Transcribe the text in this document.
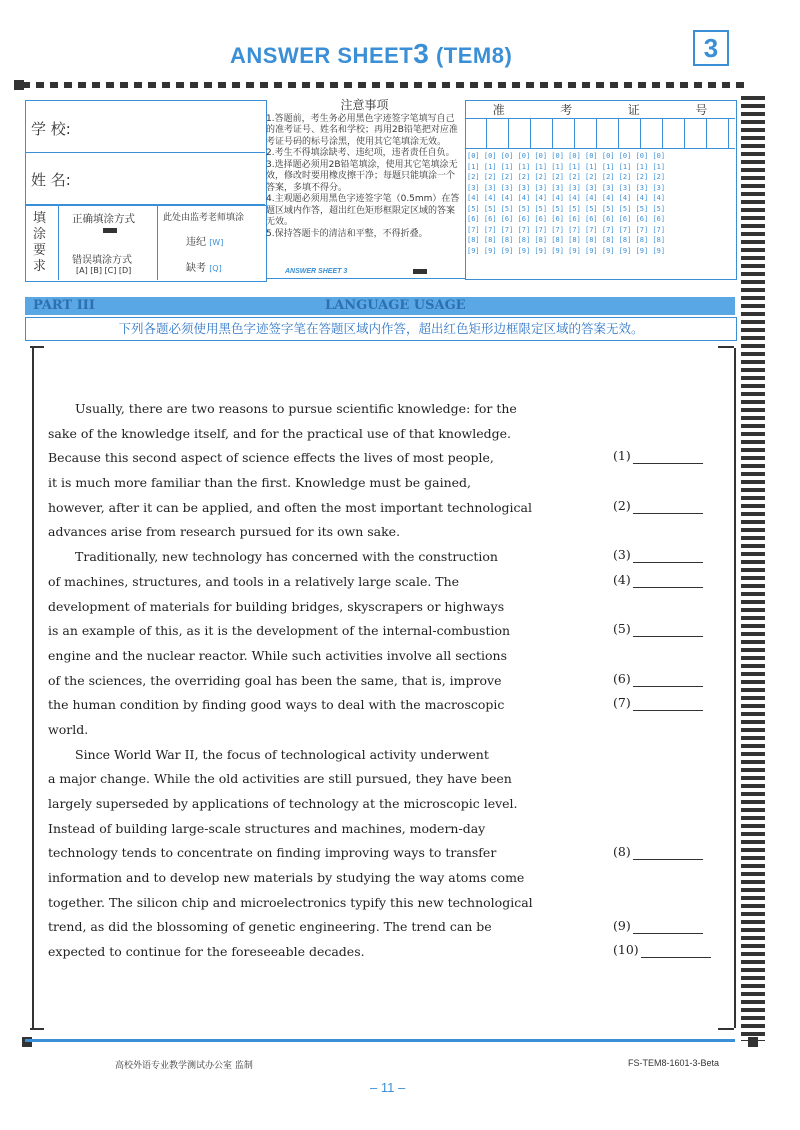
ANSWER SHEET3 (TEM8)	3
学 校:
姓 名:
填
涂
要
求
正确填涂方式
错误填涂方式
[A] [B] [C] [D]
此处由监考老师填涂
违纪 [W]
缺考 [Q]
注意事项
1.答题前，考生务必用黑色字迹签字笔填写自己的准考证号、姓名和学校；再用2B铅笔把对应准考证号码的标号涂黑，使用其它笔填涂无效。
2.考生不得填涂缺考、违纪项，违者责任自负。
3.选择题必须用2B铅笔填涂，使用其它笔填涂无效，修改时要用橡皮擦干净；每题只能填涂一个答案，多填不得分。
4.主观题必须用黑色字迹签字笔（0.5mm）在答题区域内作答，超出红色矩形框限定区域的答案无效。
5.保持答题卡的清洁和平整，不得折叠。
ANSWER SHEET 3
准	考	证	号
[0] [0] [0] [0] [0] [0] [0] [0] [0] [0] [0] [0]
[1] [1] [1] [1] [1] [1] [1] [1] [1] [1] [1] [1]
[2] [2] [2] [2] [2] [2] [2] [2] [2] [2] [2] [2]
[3] [3] [3] [3] [3] [3] [3] [3] [3] [3] [3] [3]
[4] [4] [4] [4] [4] [4] [4] [4] [4] [4] [4] [4]
[5] [5] [5] [5] [5] [5] [5] [5] [5] [5] [5] [5]
[6] [6] [6] [6] [6] [6] [6] [6] [6] [6] [6] [6]
[7] [7] [7] [7] [7] [7] [7] [7] [7] [7] [7] [7]
[8] [8] [8] [8] [8] [8] [8] [8] [8] [8] [8] [8]
[9] [9] [9] [9] [9] [9] [9] [9] [9] [9] [9] [9]
PART III	LANGUAGE USAGE
下列各题必须使用黑色字迹签字笔在答题区域内作答，超出红色矩形边框限定区域的答案无效。
Usually, there are two reasons to pursue scientific knowledge: for the
sake of the knowledge itself, and for the practical use of that knowledge.
Because this second aspect of science effects the lives of most people,
it is much more familiar than the first. Knowledge must be gained,
however, after it can be applied, and often the most important technological
advances arise from research pursued for its own sake.
Traditionally, new technology has concerned with the construction
of machines, structures, and tools in a relatively large scale. The
development of materials for building bridges, skyscrapers or highways
is an example of this, as it is the development of the internal-combustion
engine and the nuclear reactor. While such activities involve all sections
of the sciences, the overriding goal has been the same, that is, improve
the human condition by finding good ways to deal with the macroscopic
world.
Since World War II, the focus of technological activity underwent
a major change. While the old activities are still pursued, they have been
largely superseded by applications of technology at the microscopic level.
Instead of building large-scale structures and machines, modern-day
technology tends to concentrate on finding improving ways to transfer
information and to develop new materials by studying the way atoms come
together. The silicon chip and microelectronics typify this new technological
trend, as did the blossoming of genetic engineering. The trend can be
expected to continue for the foreseeable decades.
(1)
(2)
(3)
(4)
(5)
(6)
(7)
(8)
(9)
(10)
高校外语专业教学测试办公室 监制	FS-TEM8-1601-3-Beta
– 11 –
